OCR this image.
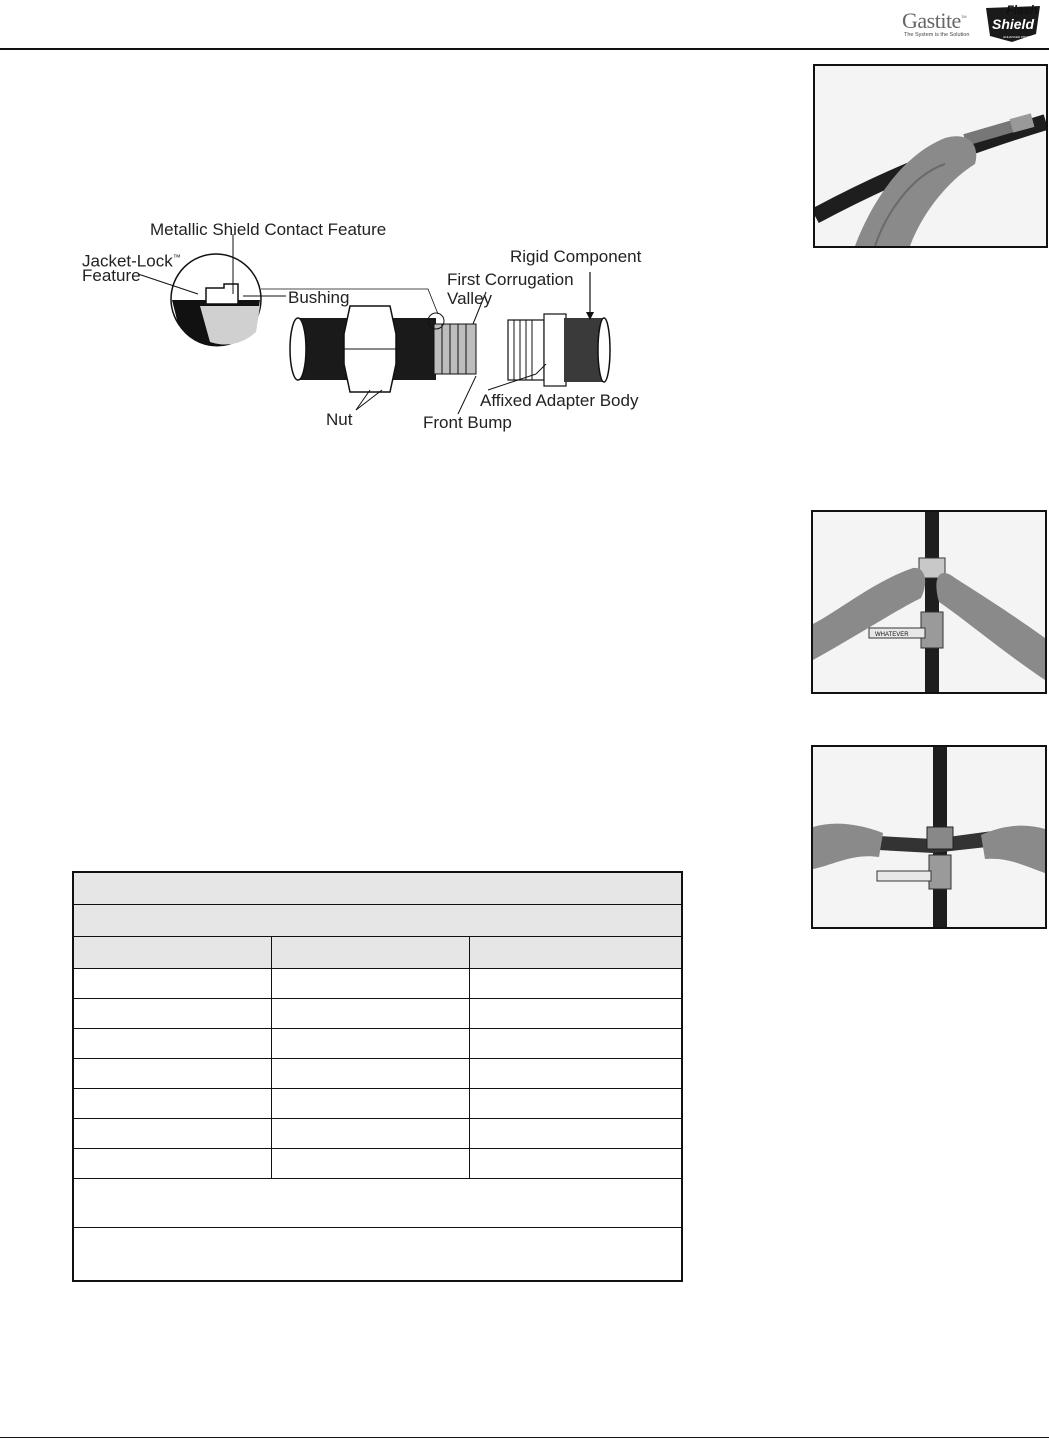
Gastite™
The System is the Solution
Flash
Shield
ENHANCED PROTECTION
Metallic Shield Contact Feature
Jacket-Lock™
Feature
Bushing
Rigid Component
First Corrugation
Valley
Nut
Affixed Adapter Body
Front Bump
WHATEVER
